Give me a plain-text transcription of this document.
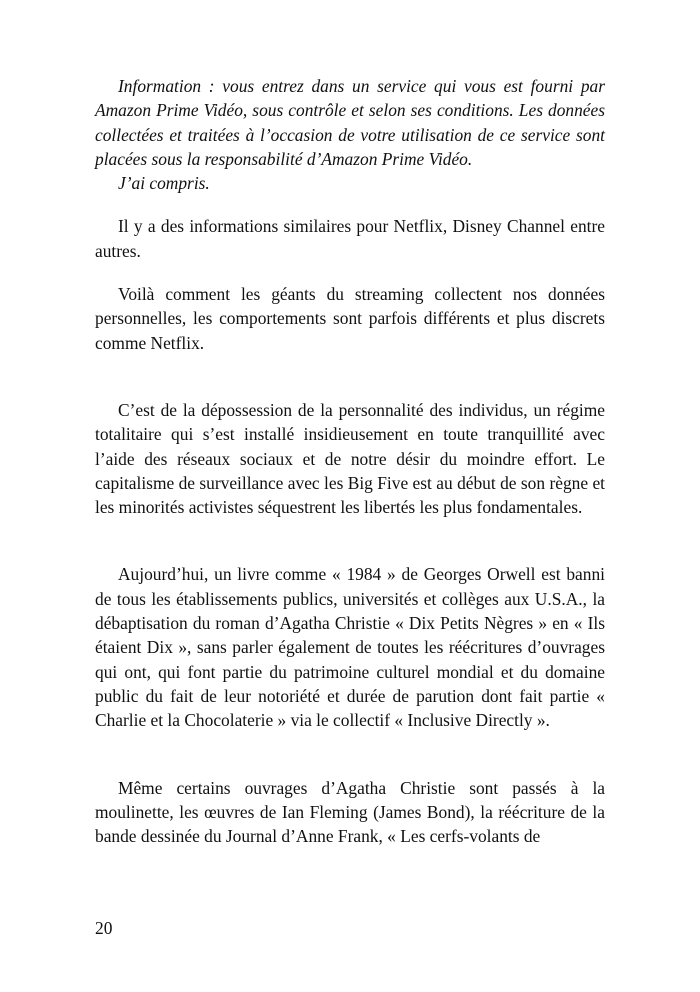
Information : vous entrez dans un service qui vous est fourni par Amazon Prime Vidéo, sous contrôle et selon ses conditions. Les données collectées et traitées à l’occasion de votre utilisation de ce service sont placées sous la responsabilité d’Amazon Prime Vidéo.

J’ai compris.

Il y a des informations similaires pour Netflix, Disney Channel entre autres.

Voilà comment les géants du streaming collectent nos données personnelles, les comportements sont parfois différents et plus discrets comme Netflix.

C’est de la dépossession de la personnalité des individus, un régime totalitaire qui s’est installé insidieusement en toute tranquillité avec l’aide des réseaux sociaux et de notre désir du moindre effort. Le capitalisme de surveillance avec les Big Five est au début de son règne et les minorités activistes séquestrent les libertés les plus fondamentales.

Aujourd’hui, un livre comme « 1984 » de Georges Orwell est banni de tous les établissements publics, universités et collèges aux U.S.A., la débaptisation du roman d’Agatha Christie « Dix Petits Nègres » en « Ils étaient Dix », sans parler également de toutes les réécritures d’ouvrages qui ont, qui font partie du patrimoine culturel mondial et du domaine public du fait de leur notoriété et durée de parution dont fait partie « Charlie et la Chocolaterie » via le collectif « Inclusive Directly ».

Même certains ouvrages d’Agatha Christie sont passés à la moulinette, les œuvres de Ian Fleming (James Bond), la réécriture de la bande dessinée du Journal d’Anne Frank, « Les cerfs-volants de

20
